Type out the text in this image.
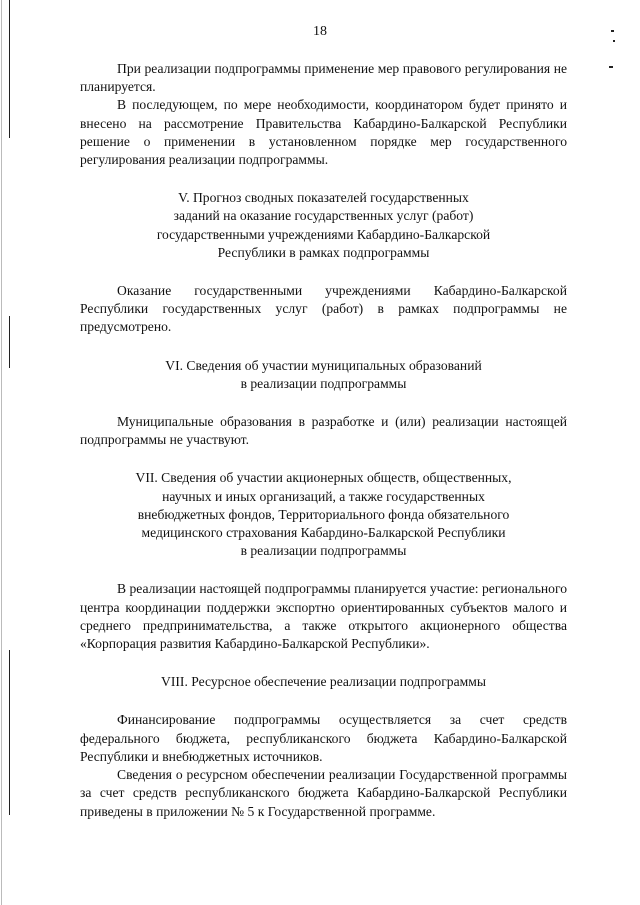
18

При реализации подпрограммы применение мер правового регулирования не планируется.

В последующем, по мере необходимости, координатором будет принято и внесено на рассмотрение Правительства Кабардино-Балкарской Республики решение о применении в установленном порядке мер государственного регулирования реализации подпрограммы.

V. Прогноз сводных показателей государственных
заданий на оказание государственных услуг (работ)
государственными учреждениями Кабардино-Балкарской
Республики в рамках подпрограммы

Оказание государственными учреждениями Кабардино-Балкарской Республики государственных услуг (работ) в рамках подпрограммы не предусмотрено.

VI. Сведения об участии муниципальных образований
в реализации подпрограммы

Муниципальные образования в разработке и (или) реализации настоящей подпрограммы не участвуют.

VII. Сведения об участии акционерных обществ, общественных,
научных и иных организаций, а также государственных
внебюджетных фондов, Территориального фонда обязательного
медицинского страхования Кабардино-Балкарской Республики
в реализации подпрограммы

В реализации настоящей подпрограммы планируется участие: регионального центра координации поддержки экспортно ориентированных субъектов малого и среднего предпринимательства, а также открытого акционерного общества «Корпорация развития Кабардино-Балкарской Республики».

VIII. Ресурсное обеспечение реализации подпрограммы

Финансирование подпрограммы осуществляется за счет средств федерального бюджета, республиканского бюджета Кабардино-Балкарской Республики и внебюджетных источников.

Сведения о ресурсном обеспечении реализации Государственной программы за счет средств республиканского бюджета Кабардино-Балкарской Республики приведены в приложении № 5 к Государственной программе.
